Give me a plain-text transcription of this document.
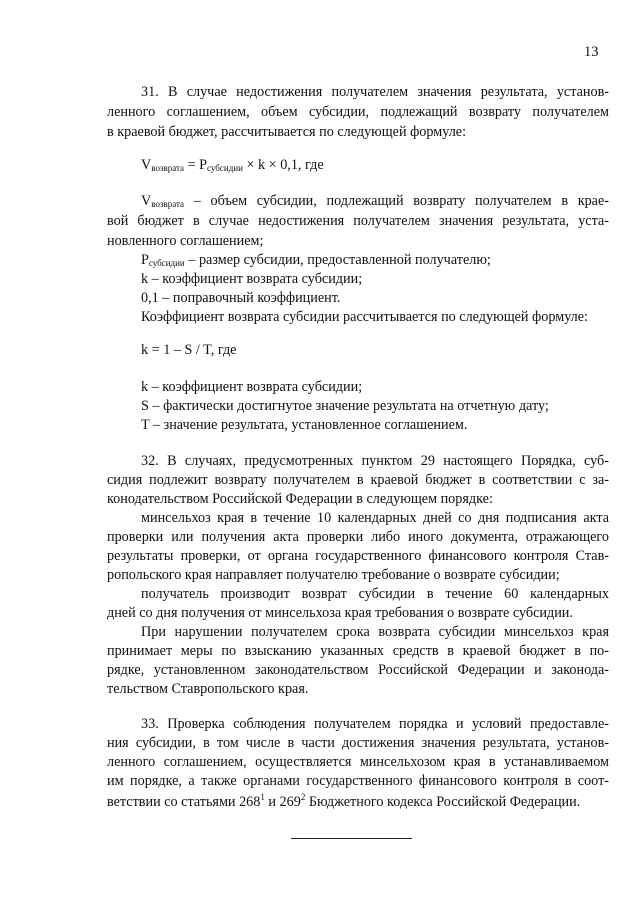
13
31. В случае недостижения получателем значения результата, установ-
ленного соглашением, объем субсидии, подлежащий возврату получателем
в краевой бюджет, рассчитывается по следующей формуле:
$V_{возврата} = P_{субсидии} \times k \times 0,1$, где
$V_{возврата}$ – объем субсидии, подлежащий возврату получателем в крае-
вой бюджет в случае недостижения получателем значения результата, уста-
новленного соглашением;
$P_{субсидии}$ – размер субсидии, предоставленной получателю;
k – коэффициент возврата субсидии;
0,1 – поправочный коэффициент.
Коэффициент возврата субсидии рассчитывается по следующей формуле:
k = 1 – S / T, где
k – коэффициент возврата субсидии;
S – фактически достигнутое значение результата на отчетную дату;
T – значение результата, установленное соглашением.
32. В случаях, предусмотренных пунктом 29 настоящего Порядка, суб-
сидия подлежит возврату получателем в краевой бюджет в соответствии с за-
конодательством Российской Федерации в следующем порядке:
минсельхоз края в течение 10 календарных дней со дня подписания акта
проверки или получения акта проверки либо иного документа, отражающего
результаты проверки, от органа государственного финансового контроля Став-
ропольского края направляет получателю требование о возврате субсидии;
получатель производит возврат субсидии в течение 60 календарных
дней со дня получения от минсельхоза края требования о возврате субсидии.
При нарушении получателем срока возврата субсидии минсельхоз края
принимает меры по взысканию указанных средств в краевой бюджет в по-
рядке, установленном законодательством Российской Федерации и законода-
тельством Ставропольского края.
33. Проверка соблюдения получателем порядка и условий предоставле-
ния субсидии, в том числе в части достижения значения результата, установ-
ленного соглашением, осуществляется минсельхозом края в устанавливаемом
им порядке, а также органами государственного финансового контроля в соот-
ветствии со статьями $268^1$ и $269^2$ Бюджетного кодекса Российской Федерации.
